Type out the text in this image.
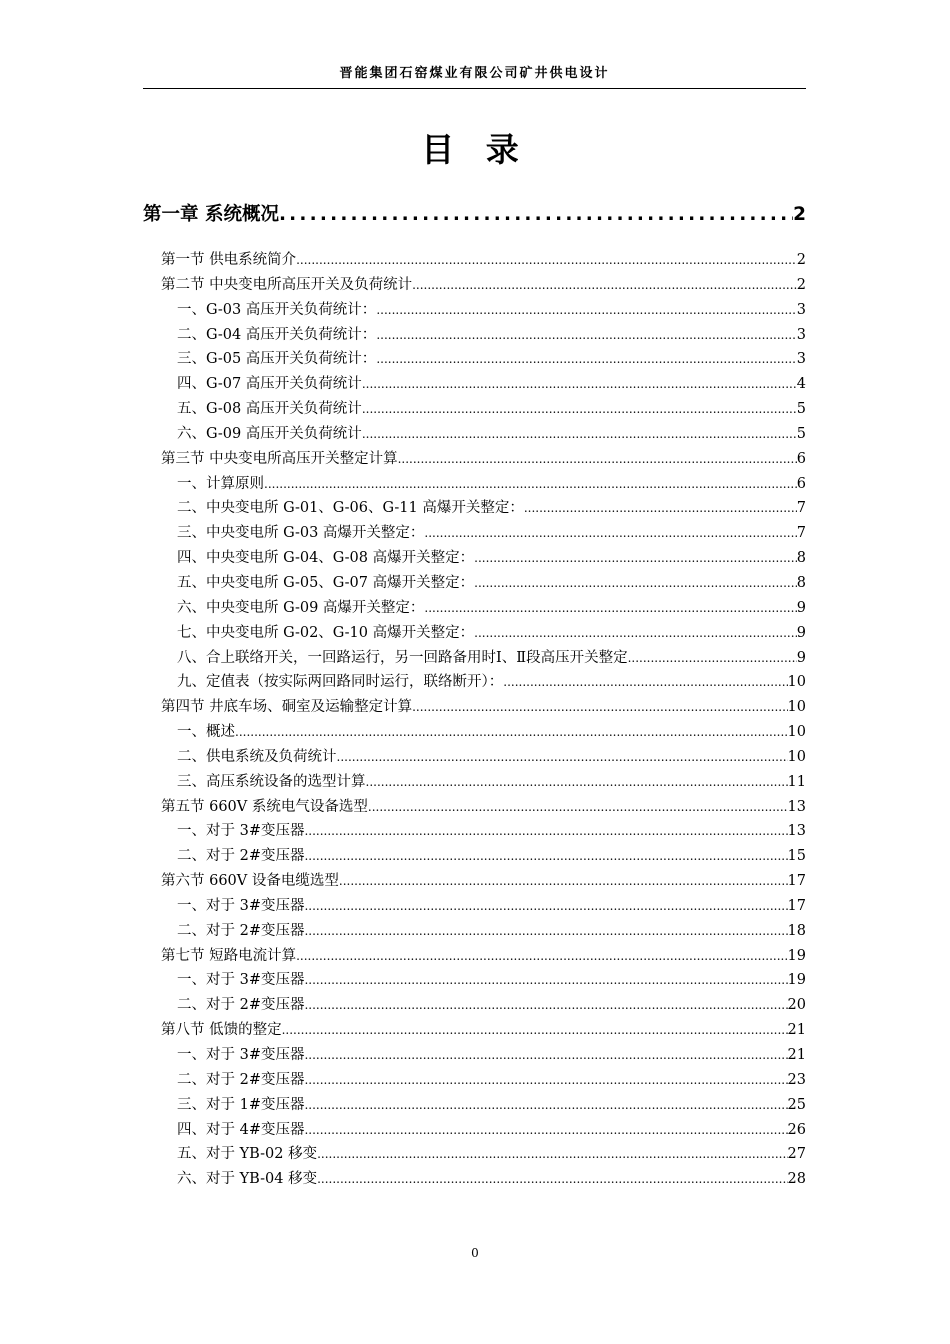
晋能集团石窑煤业有限公司矿井供电设计
目 录
第一章 系统概况 .....	2
第一节 供电系统简介 .....	2
第二节 中央变电所高压开关及负荷统计 .....	2
一、G-03 高压开关负荷统计： .....	3
二、G-04 高压开关负荷统计： .....	3
三、G-05 高压开关负荷统计： .....	3
四、G-07 高压开关负荷统计 .....	4
五、G-08 高压开关负荷统计 .....	5
六、G-09 高压开关负荷统计 .....	5
第三节 中央变电所高压开关整定计算 .....	6
一、计算原则 .....	6
二、中央变电所 G-01、G-06、G-11 高爆开关整定： .....	7
三、中央变电所 G-03 高爆开关整定： .....	7
四、中央变电所 G-04、G-08 高爆开关整定： .....	8
五、中央变电所 G-05、G-07 高爆开关整定： .....	8
六、中央变电所 G-09 高爆开关整定： .....	9
七、中央变电所 G-02、G-10 高爆开关整定： .....	9
八、合上联络开关，一回路运行，另一回路备用时Ⅰ、Ⅱ段高压开关整定 .....	9
九、定值表（按实际两回路同时运行，联络断开）： .....	10
第四节 井底车场、硐室及运输整定计算 .....	10
一、概述 .....	10
二、供电系统及负荷统计 .....	10
三、高压系统设备的选型计算 .....	11
第五节 660V 系统电气设备选型 .....	13
一、对于 3#变压器 .....	13
二、对于 2#变压器 .....	15
第六节 660V 设备电缆选型 .....	17
一、对于 3#变压器 .....	17
二、对于 2#变压器 .....	18
第七节 短路电流计算 .....	19
一、对于 3#变压器 .....	19
二、对于 2#变压器 .....	20
第八节 低馈的整定 .....	21
一、对于 3#变压器 .....	21
二、对于 2#变压器 .....	23
三、对于 1#变压器 .....	25
四、对于 4#变压器 .....	26
五、对于 YB-02 移变 .....	27
六、对于 YB-04 移变 .....	28
0
